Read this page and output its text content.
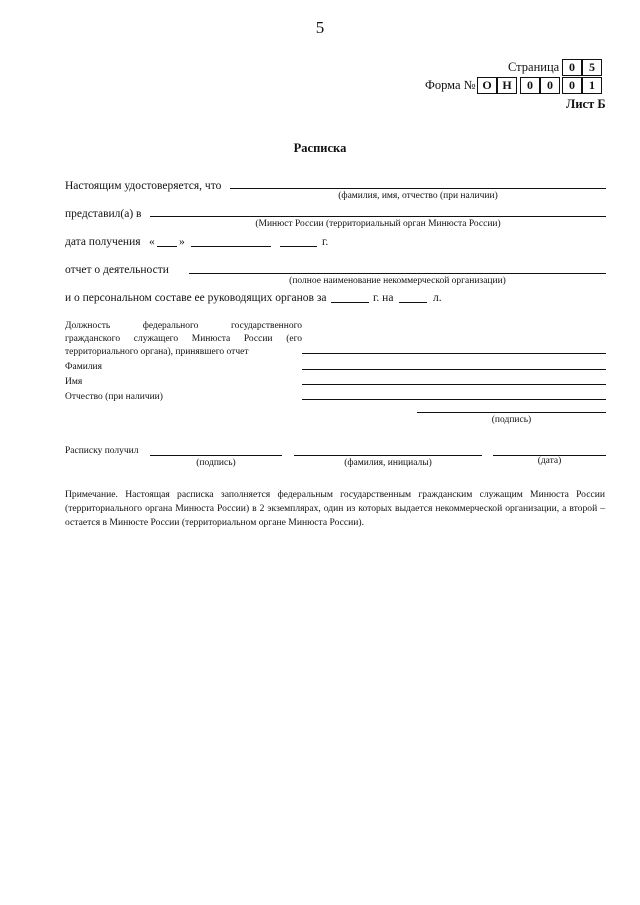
5
Страница 0	5
Форма № О Н	0	0	0	1
Лист Б
Расписка
Настоящим удостоверяется, что
(фамилия, имя, отчество (при наличии)
представил(а) в
(Минюст России (территориальный орган Минюста России)
дата получения « »	г.
отчет о деятельности
(полное наименование некоммерческой организации)
и о персональном составе ее руководящих органов за	г. на	л.
Должность федерального государственного
гражданского служащего Минюста России (его
территориального органа), принявшего отчет
Фамилия
Имя
Отчество (при наличии)
(подпись)
Расписку получил
(подпись)	(фамилия, инициалы)	(дата)
Примечание. Настоящая расписка заполняется федеральным государственным гражданским служащим Минюста России (территориального органа Минюста России) в 2 экземплярах, один из которых выдается некоммерческой организации, а второй – остается в Минюсте России (территориальном органе Минюста России).
